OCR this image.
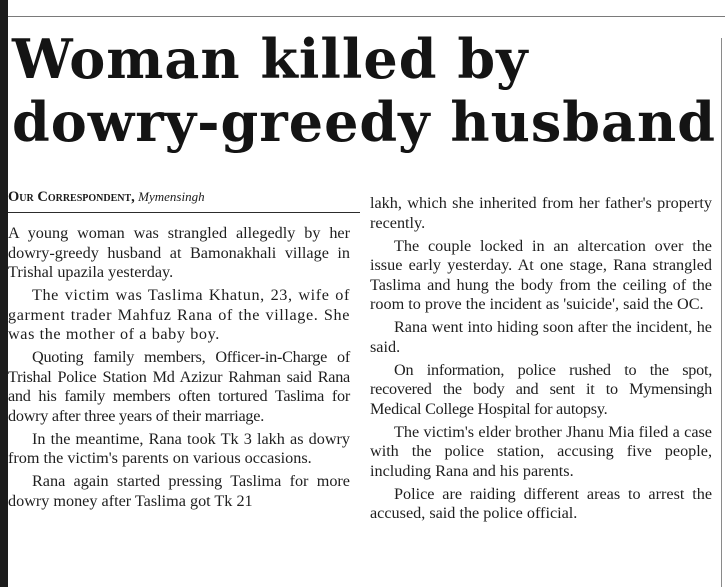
Woman killed by dowry-greedy husband
Our Correspondent, Mymensingh

A young woman was strangled allegedly by her dowry-greedy husband at Bamonakhali village in Trishal upazila yesterday.

The victim was Taslima Khatun, 23, wife of garment trader Mahfuz Rana of the village. She was the mother of a baby boy.

Quoting family members, Officer-in-Charge of Trishal Police Station Md Azizur Rahman said Rana and his family members often tortured Taslima for dowry after three years of their marriage.

In the meantime, Rana took Tk 3 lakh as dowry from the victim's parents on various occasions.

Rana again started pressing Taslima for more dowry money after Taslima got Tk 21

lakh, which she inherited from her father's property recently.

The couple locked in an altercation over the issue early yesterday. At one stage, Rana strangled Taslima and hung the body from the ceiling of the room to prove the incident as 'suicide', said the OC.

Rana went into hiding soon after the incident, he said.

On information, police rushed to the spot, recovered the body and sent it to Mymensingh Medical College Hospital for autopsy.

The victim's elder brother Jhanu Mia filed a case with the police station, accusing five people, including Rana and his parents.

Police are raiding different areas to arrest the accused, said the police official.
